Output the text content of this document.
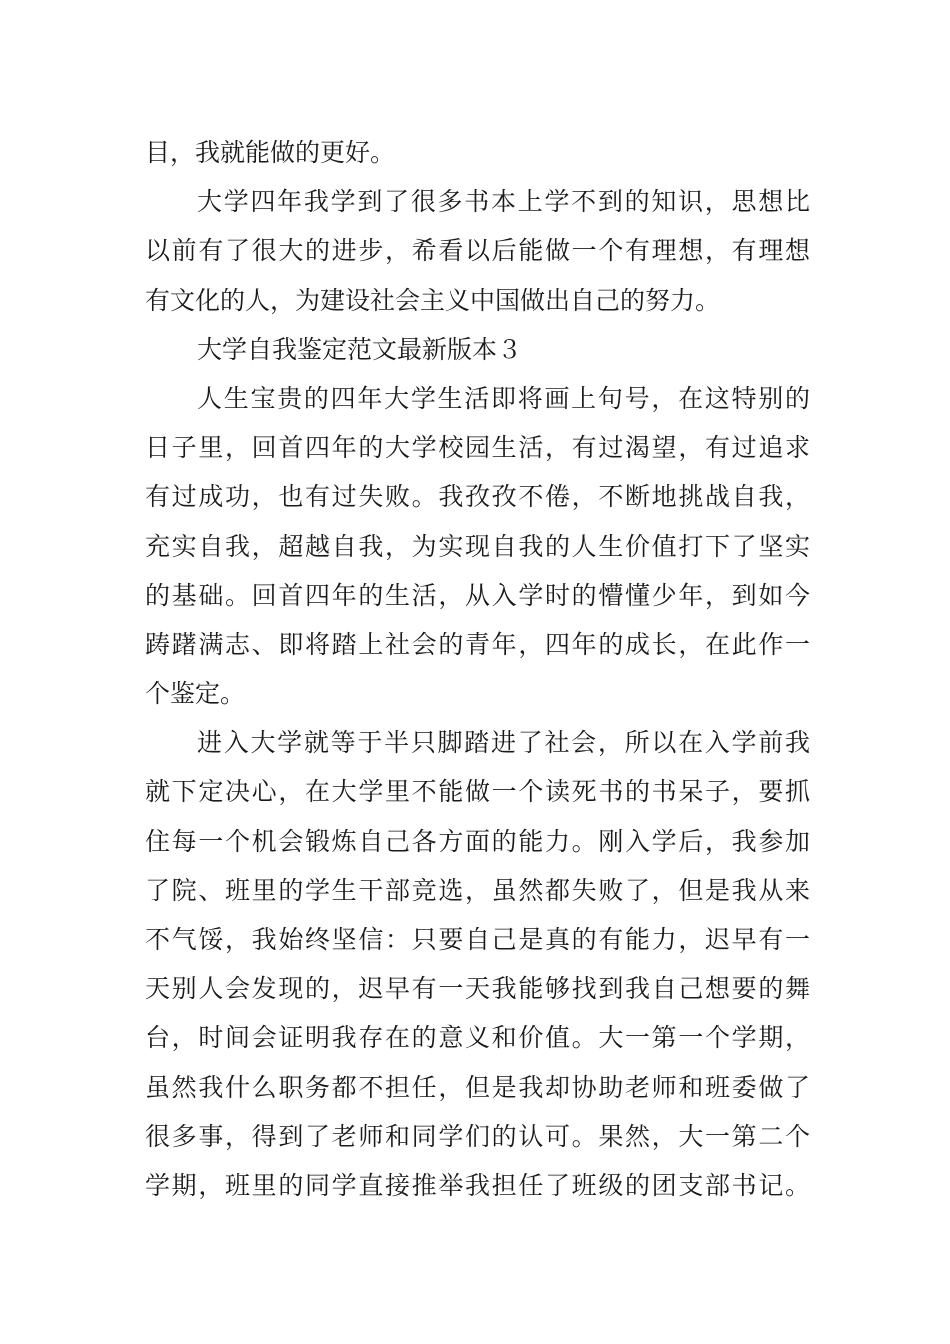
目，我就能做的更好。
大学四年我学到了很多书本上学不到的知识，思想比
以前有了很大的进步，希看以后能做一个有理想，有理想
有文化的人，为建设社会主义中国做出自己的努力。
大学自我鉴定范文最新版本３
人生宝贵的四年大学生活即将画上句号，在这特别的
日子里，回首四年的大学校园生活，有过渴望，有过追求
有过成功，也有过失败。我孜孜不倦，不断地挑战自我，
充实自我，超越自我，为实现自我的人生价值打下了坚实
的基础。回首四年的生活，从入学时的懵懂少年，到如今
踌躇满志、即将踏上社会的青年，四年的成长，在此作一
个鉴定。
进入大学就等于半只脚踏进了社会，所以在入学前我
就下定决心，在大学里不能做一个读死书的书呆子，要抓
住每一个机会锻炼自己各方面的能力。刚入学后，我参加
了院、班里的学生干部竞选，虽然都失败了，但是我从来
不气馁，我始终坚信：只要自己是真的有能力，迟早有一
天别人会发现的，迟早有一天我能够找到我自己想要的舞
台，时间会证明我存在的意义和价值。大一第一个学期，
虽然我什么职务都不担任，但是我却协助老师和班委做了
很多事，得到了老师和同学们的认可。果然，大一第二个
学期，班里的同学直接推举我担任了班级的团支部书记。
